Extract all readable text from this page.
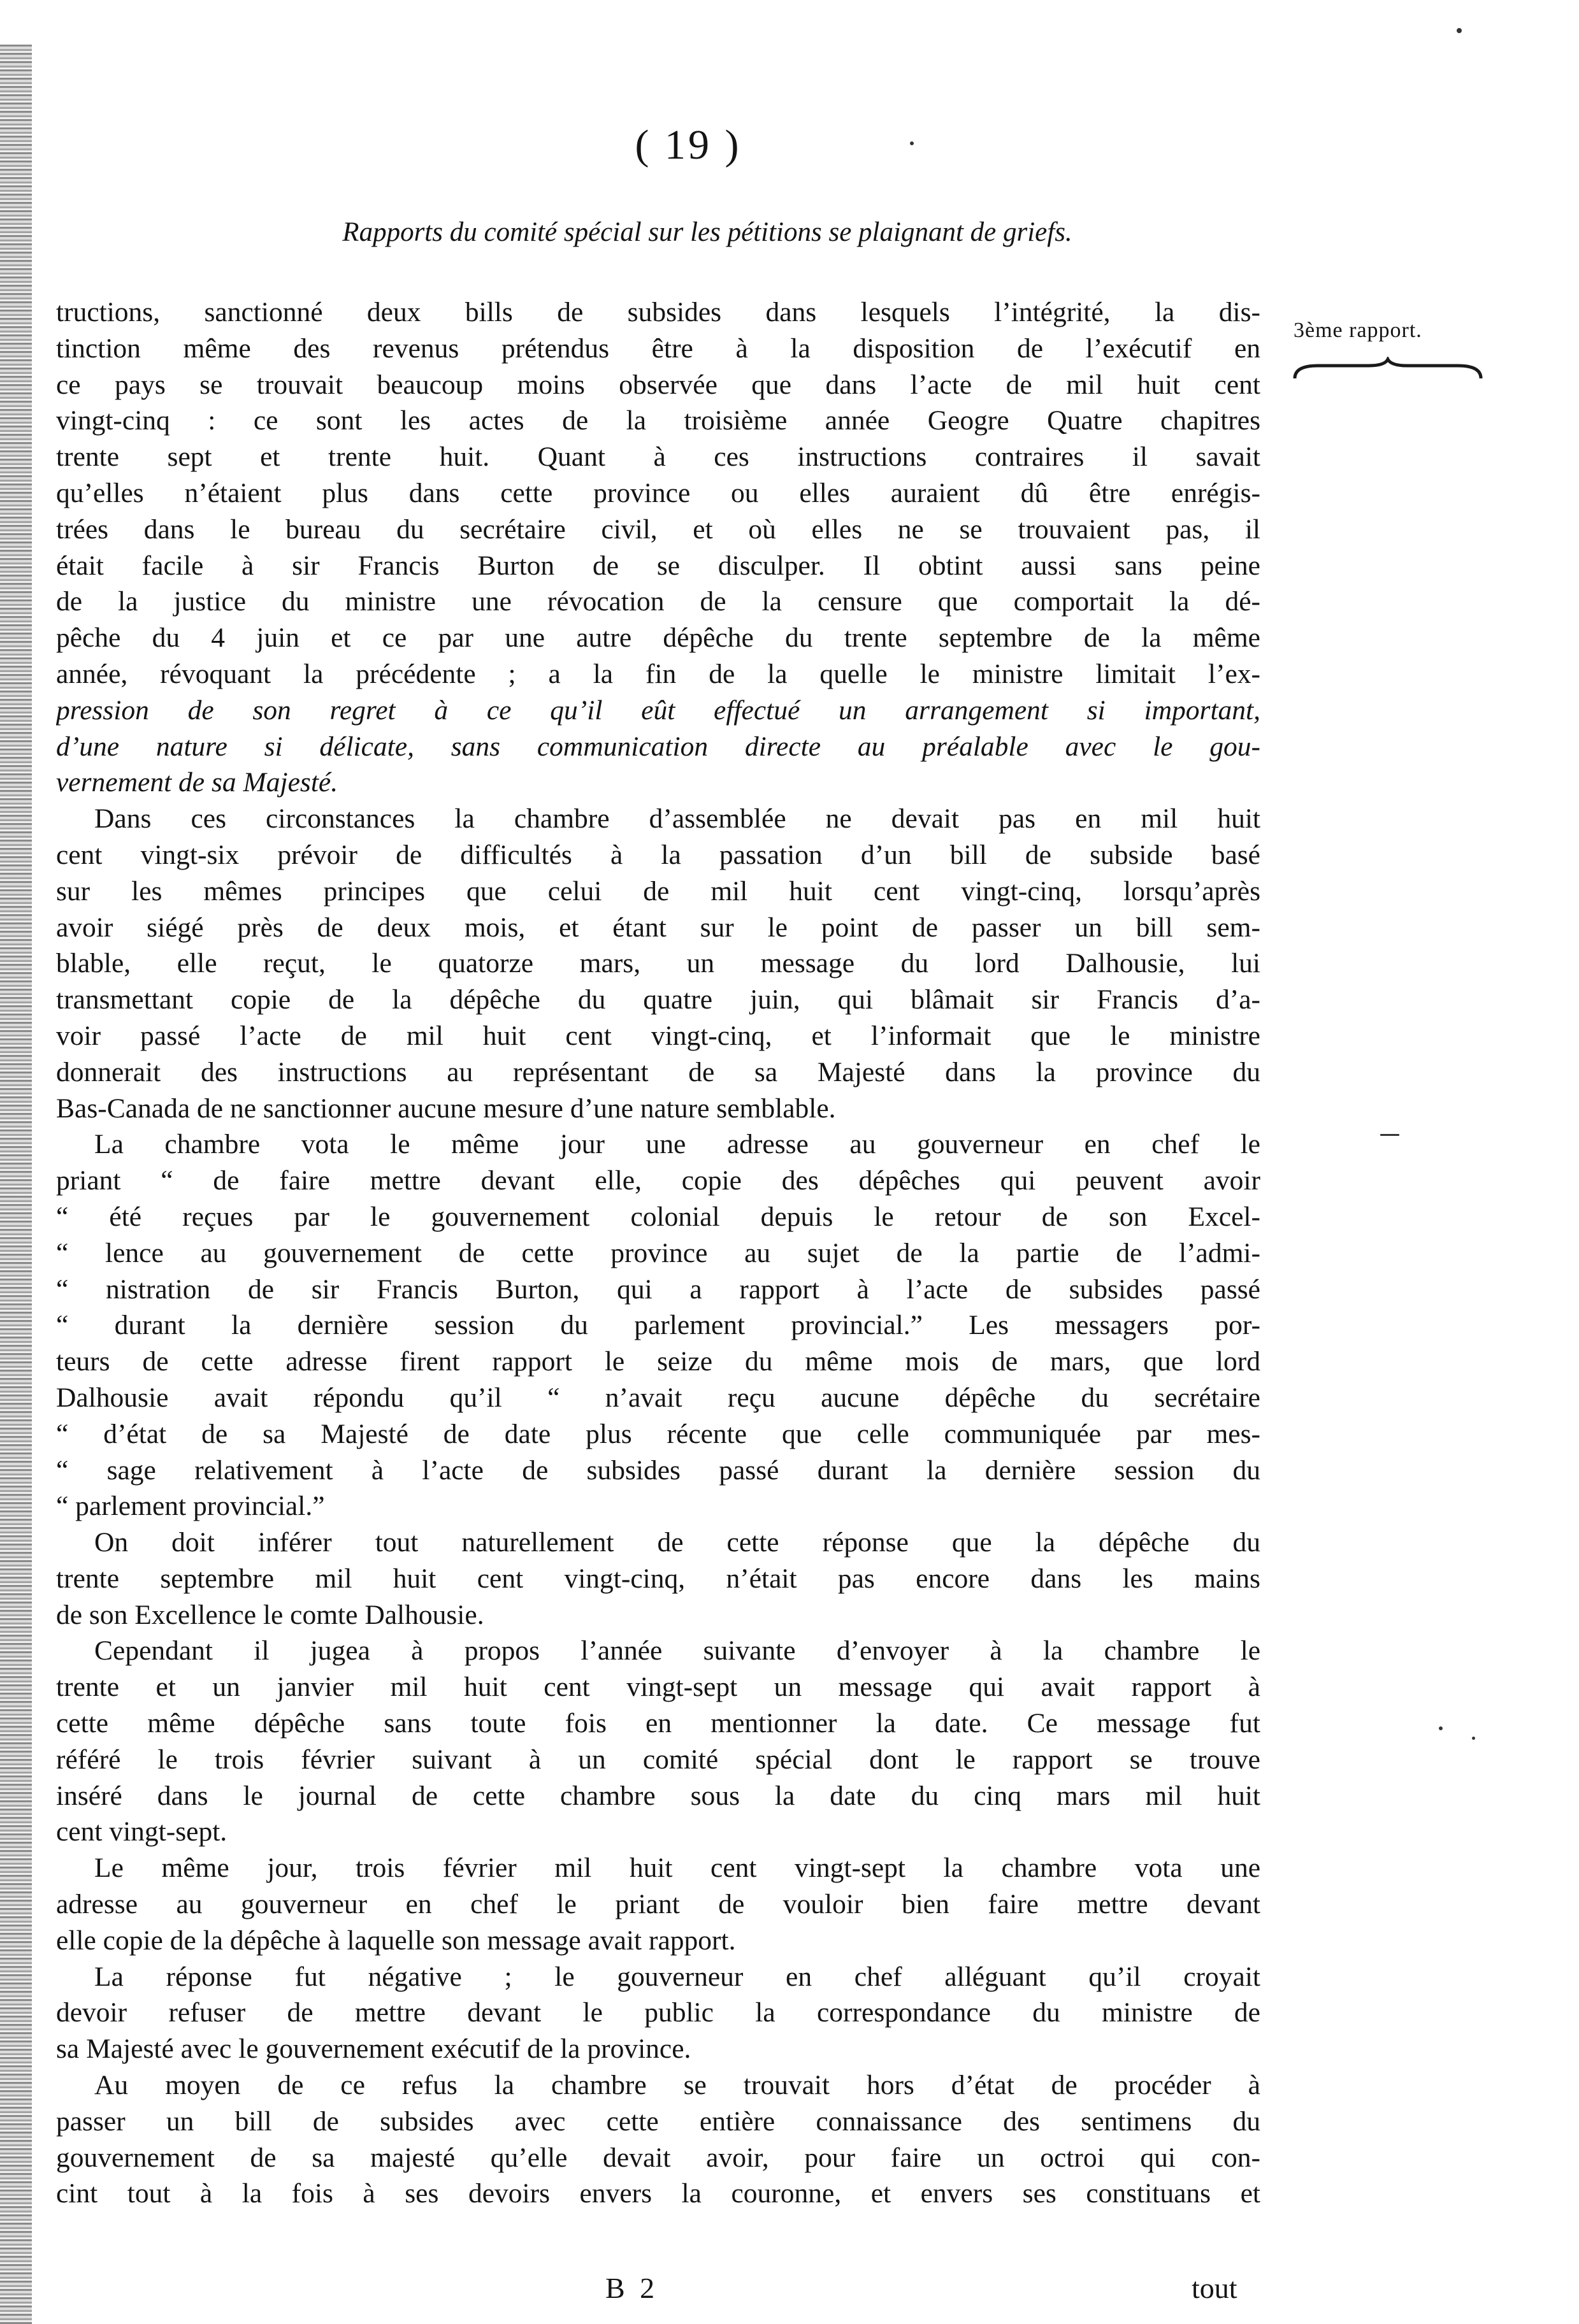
( 19 )
Rapports du comité spécial sur les pétitions se plaignant de griefs.
3ème rapport.
tructions, sanctionné deux bills de subsides dans lesquels l’intégrité, la dis-
tinction même des revenus prétendus être à la disposition de l’exécutif en
ce pays se trouvait beaucoup moins observée que dans l’acte de mil huit cent
vingt-cinq : ce sont les actes de la troisième année Geogre Quatre chapitres
trente sept et trente huit. Quant à ces instructions contraires il savait
qu’elles n’étaient plus dans cette province ou elles auraient dû être enrégis-
trées dans le bureau du secrétaire civil, et où elles ne se trouvaient pas, il
était facile à sir Francis Burton de se disculper. Il obtint aussi sans peine
de la justice du ministre une révocation de la censure que comportait la dé-
pêche du 4 juin et ce par une autre dépêche du trente septembre de la même
année, révoquant la précédente ; a la fin de la quelle le ministre limitait l’ex-
pression de son regret à ce qu’il eût effectué un arrangement si important,
d’une nature si délicate, sans communication directe au préalable avec le gou-
vernement de sa Majesté.
Dans ces circonstances la chambre d’assemblée ne devait pas en mil huit
cent vingt-six prévoir de difficultés à la passation d’un bill de subside basé
sur les mêmes principes que celui de mil huit cent vingt-cinq, lorsqu’après
avoir siégé près de deux mois, et étant sur le point de passer un bill sem-
blable, elle reçut, le quatorze mars, un message du lord Dalhousie, lui
transmettant copie de la dépêche du quatre juin, qui blâmait sir Francis d’a-
voir passé l’acte de mil huit cent vingt-cinq, et l’informait que le ministre
donnerait des instructions au représentant de sa Majesté dans la province du
Bas-Canada de ne sanctionner aucune mesure d’une nature semblable.
La chambre vota le même jour une adresse au gouverneur en chef le
priant “ de faire mettre devant elle, copie des dépêches qui peuvent avoir
“ été reçues par le gouvernement colonial depuis le retour de son Excel-
“ lence au gouvernement de cette province au sujet de la partie de l’admi-
“ nistration de sir Francis Burton, qui a rapport à l’acte de subsides passé
“ durant la dernière session du parlement provincial.” Les messagers por-
teurs de cette adresse firent rapport le seize du même mois de mars, que lord
Dalhousie avait répondu qu’il “ n’avait reçu aucune dépêche du secrétaire
“ d’état de sa Majesté de date plus récente que celle communiquée par mes-
“ sage relativement à l’acte de subsides passé durant la dernière session du
“ parlement provincial.”
On doit inférer tout naturellement de cette réponse que la dépêche du
trente septembre mil huit cent vingt-cinq, n’était pas encore dans les mains
de son Excellence le comte Dalhousie.
Cependant il jugea à propos l’année suivante d’envoyer à la chambre le
trente et un janvier mil huit cent vingt-sept un message qui avait rapport à
cette même dépêche sans toute fois en mentionner la date. Ce message fut
référé le trois février suivant à un comité spécial dont le rapport se trouve
inséré dans le journal de cette chambre sous la date du cinq mars mil huit
cent vingt-sept.
Le même jour, trois février mil huit cent vingt-sept la chambre vota une
adresse au gouverneur en chef le priant de vouloir bien faire mettre devant
elle copie de la dépêche à laquelle son message avait rapport.
La réponse fut négative ; le gouverneur en chef alléguant qu’il croyait
devoir refuser de mettre devant le public la correspondance du ministre de
sa Majesté avec le gouvernement exécutif de la province.
Au moyen de ce refus la chambre se trouvait hors d’état de procéder à
passer un bill de subsides avec cette entière connaissance des sentimens du
gouvernement de sa majesté qu’elle devait avoir, pour faire un octroi qui con-
cint tout à la fois à ses devoirs envers la couronne, et envers ses constituans et
B 2	tout
